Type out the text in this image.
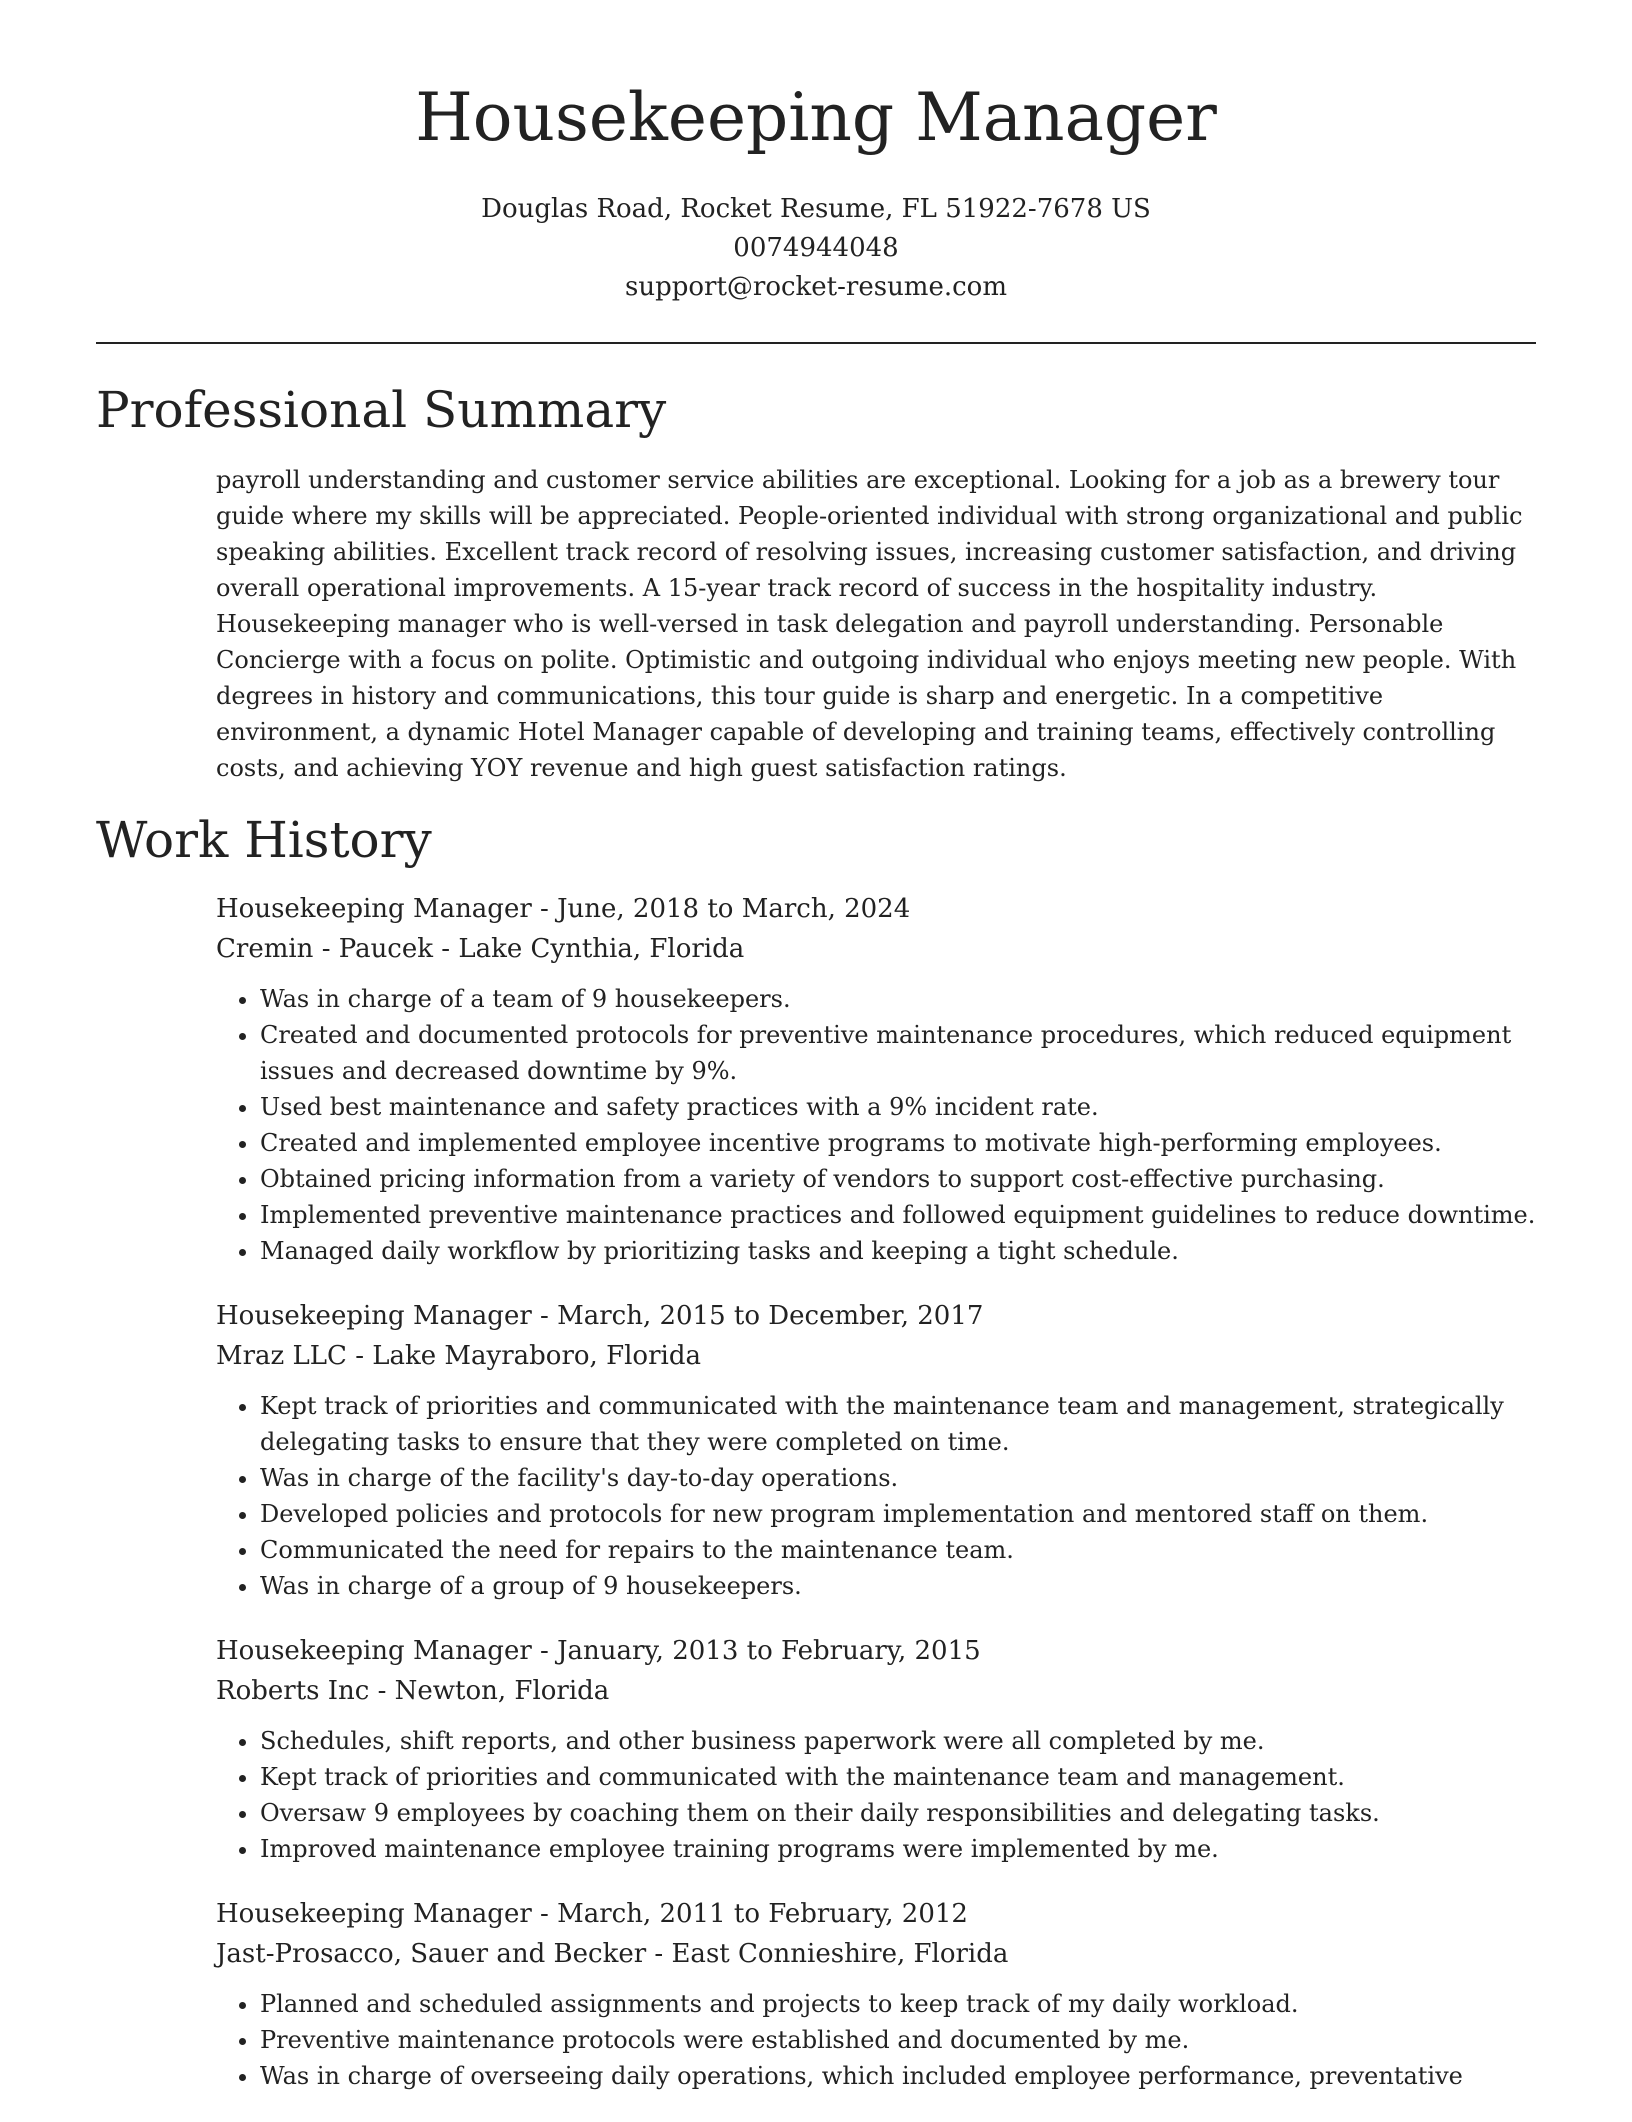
Housekeeping Manager
Douglas Road, Rocket Resume, FL 51922-7678 US
0074944048
support@rocket-resume.com
Professional Summary
payroll understanding and customer service abilities are exceptional. Looking for a job as a brewery tour guide where my skills will be appreciated. People-oriented individual with strong organizational and public speaking abilities. Excellent track record of resolving issues, increasing customer satisfaction, and driving overall operational improvements. A 15-year track record of success in the hospitality industry. Housekeeping manager who is well-versed in task delegation and payroll understanding. Personable Concierge with a focus on polite. Optimistic and outgoing individual who enjoys meeting new people. With degrees in history and communications, this tour guide is sharp and energetic. In a competitive environment, a dynamic Hotel Manager capable of developing and training teams, effectively controlling costs, and achieving YOY revenue and high guest satisfaction ratings.
Work History
Housekeeping Manager - June, 2018 to March, 2024
Cremin - Paucek - Lake Cynthia, Florida
• Was in charge of a team of 9 housekeepers.
• Created and documented protocols for preventive maintenance procedures, which reduced equipment issues and decreased downtime by 9%.
• Used best maintenance and safety practices with a 9% incident rate.
• Created and implemented employee incentive programs to motivate high-performing employees.
• Obtained pricing information from a variety of vendors to support cost-effective purchasing.
• Implemented preventive maintenance practices and followed equipment guidelines to reduce downtime.
• Managed daily workflow by prioritizing tasks and keeping a tight schedule.
Housekeeping Manager - March, 2015 to December, 2017
Mraz LLC - Lake Mayraboro, Florida
• Kept track of priorities and communicated with the maintenance team and management, strategically delegating tasks to ensure that they were completed on time.
• Was in charge of the facility's day-to-day operations.
• Developed policies and protocols for new program implementation and mentored staff on them.
• Communicated the need for repairs to the maintenance team.
• Was in charge of a group of 9 housekeepers.
Housekeeping Manager - January, 2013 to February, 2015
Roberts Inc - Newton, Florida
• Schedules, shift reports, and other business paperwork were all completed by me.
• Kept track of priorities and communicated with the maintenance team and management.
• Oversaw 9 employees by coaching them on their daily responsibilities and delegating tasks.
• Improved maintenance employee training programs were implemented by me.
Housekeeping Manager - March, 2011 to February, 2012
Jast-Prosacco, Sauer and Becker - East Connieshire, Florida
• Planned and scheduled assignments and projects to keep track of my daily workload.
• Preventive maintenance protocols were established and documented by me.
• Was in charge of overseeing daily operations, which included employee performance, preventative
